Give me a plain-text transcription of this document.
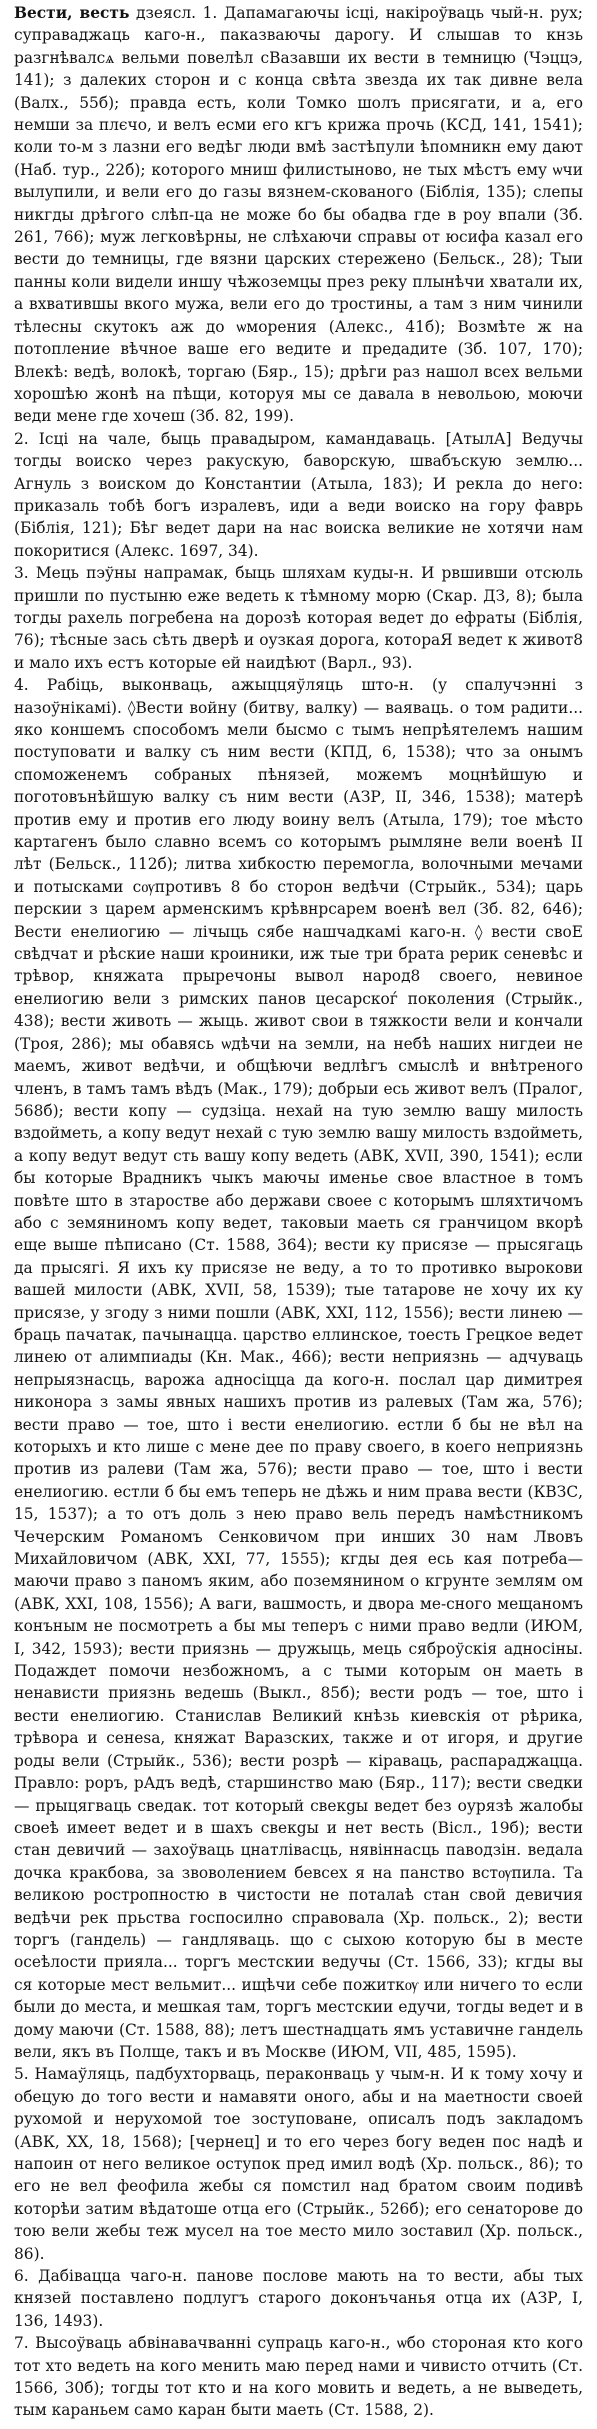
Вести, весть дзеясл. 1. Дапамагаючы ісці, накіроўваць чый-н. рух; суправаджаць каго-н., паказваючы дарогу. И слышав то кнзь разгнѣвалсѧ вельми повелѣл сВазавши их вести в темницю (Чэццэ, 141); з далеких сторон и с конца свѣта звезда их так дивне вела (Валх., 55б); правда есть, коли Томко шолъ присягати, и а, его немши за плєчо, и велъ есми его кгъ крижа прочь (КСД, 141, 1541); коли то-м з лазни его ведѣг люди вмѣ застѣпули ѣпомникн ему дают (Наб. тур., 22б); которого мниш филистыново, не тых мѣстъ ему ѡчи вылупили, и вели его до газы вязнем-скованого (Біблія, 135); слепы никгды дрѣгого слѣп-ца не може бо бы обадва где в роу впали (Зб. 261, 766); муж легковѣрны, не слѣхаючи справы от юсифа казал его вести до темницы, где вязни царских стережено (Бельск., 28); Тыи панны коли видели иншу чѣжоземцы през реку плынѣчи хватали их, а вхватившы вкого мужа, вели его до тростины, а там з ним чинили тѣлесны скутокъ аж до ѡморения (Алекс., 41б); Возмѣте ж на потопление вѣчное ваше его ведите и предадите (Зб. 107, 170); Влекѣ: ведѣ, волокѣ, торгаю (Бяр., 15); дрѣги раз нашол всех вельми хорошѣю жонѣ на пѣщи, которуя мы се давала в невольою, моючи веди мене где хочеш (Зб. 82, 199).

2. Ісці на чале, быць правадыром, камандаваць. [АтылА] Ведучы тогды воиско через ракускую, баворскую, швабъскую землю... Агнуль з воиском до Константии (Атыла, 183); И рекла до него: приказаль тобѣ богъ изралевъ, иди а веди воиско на гору фаврь (Біблія, 121); Бѣг ведет дари на нас воиска великие не хотячи нам покоритися (Алекс. 1697, 34).

3. Мець пэўны напрамак, быць шляхам куды-н. И рвшивши отсюль пришли по пустыню еже ведеть к тѣмному морю (Скар. ДЗ, 8); была тогды рахель погребена на дорозѣ которая ведет до ефраты (Біблія, 76); тѣсные зась сѣть дверѣ и оузкая дорога, котораЯ ведет к живот8 и мало ихъ естъ которые ей наидѣют (Варл., 93).

4. Рабіць, выконваць, ажыццяўляць што-н. (у спалучэнні з назоўнікамі). ◊Вести войну (битву, валку) — ваяваць. о том радити... яко коншемъ способомъ мели бысмо с тымъ непрѣятелемъ нашим поступовати и валку съ ним вести (КПД, 6, 1538); что за онымъ споможенемъ собраных пѣнязей, можемъ моцнѣйшую и поготовънѣйшую валку съ ним вести (АЗР, II, 346, 1538); матерѣ против ему и против его люду воину велъ (Атыла, 179); тое мѣсто картагенъ было славно всемъ со которымъ рымляне вели военѣ II лѣт (Бельск., 112б); литва хибкостю перемогла, волочными мечами и потысками сѹпротивъ 8 бо сторон ведѣчи (Стрыйк., 534); царь перскии з царем арменскимъ крѣвнрсарем военѣ вел (Зб. 82, 646); Вести енелиогию — лічыць сябе нашчадкамі каго-н. ◊ вести своЕ свѣдчат и рѣские наши кроиники, иж тые три брата рерик сеневѣс и трѣвор, княжата прыречоны вывол народ8 своего, невиное енелиогию вели з римских панов цесарскоѓ поколения (Стрыйк., 438); вести животь — жыць. живот свои в тяжкости вели и кончали (Троя, 286); мы обавясь ѡдѣчи на земли, на небѣ наших нигдеи не маемъ, живот ведѣчи, и общѣючи ведлѣгъ смыслѣ и внѣтреного членъ, в тамъ тамъ вѣдъ (Мак., 179); добрыи есь живот велъ (Пралог, 568б); вести копу — судзіца. нехай на тую землю вашу милость вздойметь, а копу ведут нехай с тую землю вашу милость вздойметь, а копу ведут ведут сть вашу копу ведеть (АВК, XVII, 390, 1541); если бы которые Врадникъ чыкъ маючы именье свое властное в томъ повѣте што в зтаростве або держави своее с которымъ шляхтичомъ або с земяниномъ копу ведет, таковыи маеть ся гранчицом вкорѣ еще выше пѣписано (Ст. 1588, 364); вести ку присязе — прысягаць да прысягі. Я ихъ ку присязе не веду, а то то противко вырокови вашей милости (АВК, XVII, 58, 1539); тые татарове не хочу их ку присязе, у згоду з ними пошли (АВК, XXI, 112, 1556); вести линею — браць пачатак, пачынацца. царство еллинское, тоесть Грецкое ведет линею от алимпиады (Кн. Мак., 466); вести неприязнь — адчуваць непрыязнасць, варожа адносіцца да кого-н. послал цар димитрея никонора з замы явных нашихъ против из ралевых (Там жа, 576); вести право — тое, што і вести енелиогию. естли б бы не вѣл на которыхъ и кто лише с мене дее по праву своего, в коего неприязнь против из ралеви (Там жа, 576); вести право — тое, што і вести енелиогию. естли б бы емъ теперь не дѣжь и ним права вести (КВЗС, 15, 1537); а то отъ доль з нею право вель передъ намѣстникомъ Чечерским Романомъ Сенковичом при инших 30 нам Лвовъ Михайловичом (АВК, XXI, 77, 1555); кгды дея есь кая потреба—маючи право з паномъ яким, або поземянином о кгрунте землям ом (АВК, XXI, 108, 1556); А ваги, вашмость, и двора ме-сного мещаномъ конъным не посмотреть а бы мы теперъ с ними право ведли (ИЮМ, I, 342, 1593); вести приязнь — дружыць, мець сяброўскія адносіны. Подаждет помочи незбожномъ, а с тыми которым он маеть в ненависти приязнь ведешь (Выкл., 85б); вести родъ — тое, што і вести енелиогию. Станислав Великий кнѣзь киевскія от рѣрика, трѣвора и сенеѕа, княжат Варазских, также и от игоря, и другие роды вели (Стрыйк., 536); вести розрѣ — кіраваць, распараджацца. Правло: роръ, рАдъ ведѣ, старшинство маю (Бяр., 117); вести сведки — прыцягваць сведак. тот который свекgы ведет без оурязѣ жалобы своеѣ имеет ведет и в шахъ свекgы и нет весть (Вісл., 19б); вести стан девичий — захоўваць цнатлівасць, нявіннасць паводзін. ведала дочка кракбова, за звоволением бевсех я на панство встѹпила. Та великою ростропностю в чистости не поталаѣ стан свой девичия ведѣчи рек прьства госпосилно справовала (Хр. польск., 2); вести торгъ (гандель) — гандляваць. що с сыхою которую бы в месте осеѣлости прияла... торгъ местскии ведучы (Ст. 1566, 33); кгды вы ся которые мест вельмит... ищѣчи себе пожиткѹ или ничего то если были до места, и мешкая там, торгъ местскии едучи, тогды ведет и в дому маючи (Ст. 1588, 88); летъ шестнадцать ямъ уставичне гандель вели, якъ въ Полще, такъ и въ Москве (ИЮМ, VII, 485, 1595).

5. Намаўляць, падбухторваць, пераконваць у чым-н. И к тому хочу и обецую до того вести и намавяти оного, абы и на маетности своей рухомой и нерухомой тое зоступоване, описалъ подъ закладомъ (АВК, XX, 18, 1568); [чернец] и то его через богу веден пос надѣ и напоин от него великое оступок пред имил водѣ (Хр. польск., 86); то его не вел феофила жебы ся помстил над братом своим подивѣ которѣи затим вѣдатоше отца его (Стрыйк., 526б); его сенаторове до тою вели жебы теж мусел на тое место мило зоставил (Хр. польск., 86).

6. Дабівацца чаго-н. панове послове мають на то вести, абы тых князей поставлено подлугъ старого доконъчанья отца их (АЗР, I, 136, 1493).

7. Высоўваць абвінавачванні супраць каго-н., ѡбо стороная кто кого тот хто ведеть на кого менить маю перед нами и чивисто отчить (Ст. 1566, 30б); тогды тот кто и на кого мовить и ведеть, а не выведеть, тым караньем само каран быти маеть (Ст. 1588, 2).
